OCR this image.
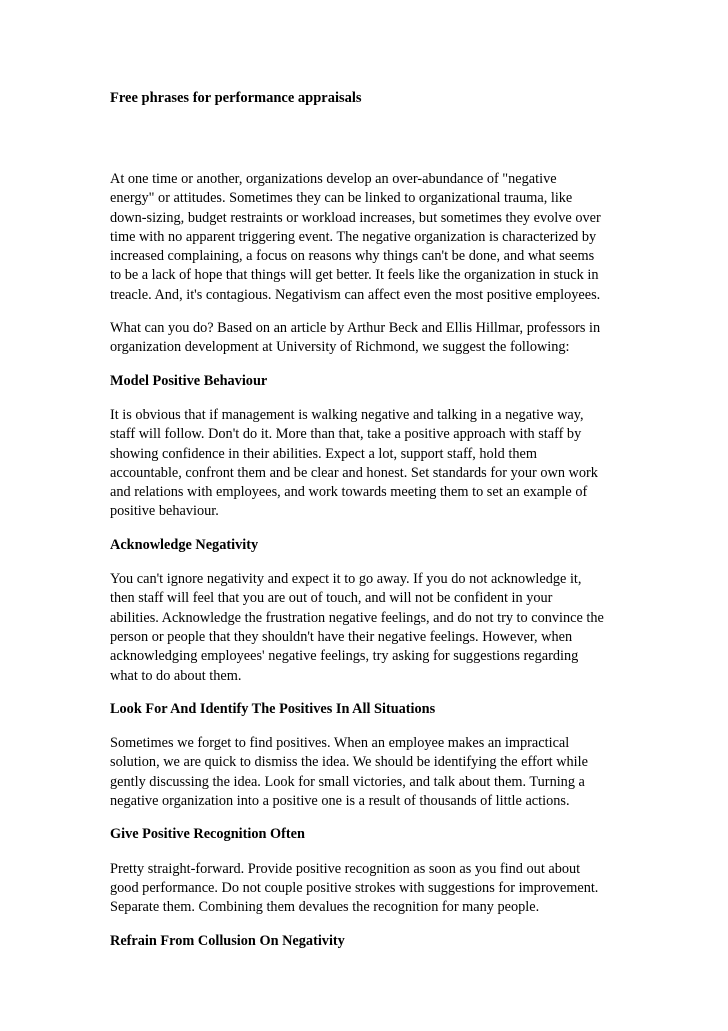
Free phrases for performance appraisals

At one time or another, organizations develop an over-abundance of "negative
energy" or attitudes. Sometimes they can be linked to organizational trauma, like
down-sizing, budget restraints or workload increases, but sometimes they evolve over
time with no apparent triggering event. The negative organization is characterized by
increased complaining, a focus on reasons why things can't be done, and what seems
to be a lack of hope that things will get better. It feels like the organization in stuck in
treacle. And, it's contagious. Negativism can affect even the most positive employees.

What can you do? Based on an article by Arthur Beck and Ellis Hillmar, professors in
organization development at University of Richmond, we suggest the following:

Model Positive Behaviour

It is obvious that if management is walking negative and talking in a negative way,
staff will follow. Don't do it. More than that, take a positive approach with staff by
showing confidence in their abilities. Expect a lot, support staff, hold them
accountable, confront them and be clear and honest. Set standards for your own work
and relations with employees, and work towards meeting them to set an example of
positive behaviour.

Acknowledge Negativity

You can't ignore negativity and expect it to go away. If you do not acknowledge it,
then staff will feel that you are out of touch, and will not be confident in your
abilities. Acknowledge the frustration negative feelings, and do not try to convince the
person or people that they shouldn't have their negative feelings. However, when
acknowledging employees' negative feelings, try asking for suggestions regarding
what to do about them.

Look For And Identify The Positives In All Situations

Sometimes we forget to find positives. When an employee makes an impractical
solution, we are quick to dismiss the idea. We should be identifying the effort while
gently discussing the idea. Look for small victories, and talk about them. Turning a
negative organization into a positive one is a result of thousands of little actions.

Give Positive Recognition Often

Pretty straight-forward. Provide positive recognition as soon as you find out about
good performance. Do not couple positive strokes with suggestions for improvement.
Separate them. Combining them devalues the recognition for many people.

Refrain From Collusion On Negativity
